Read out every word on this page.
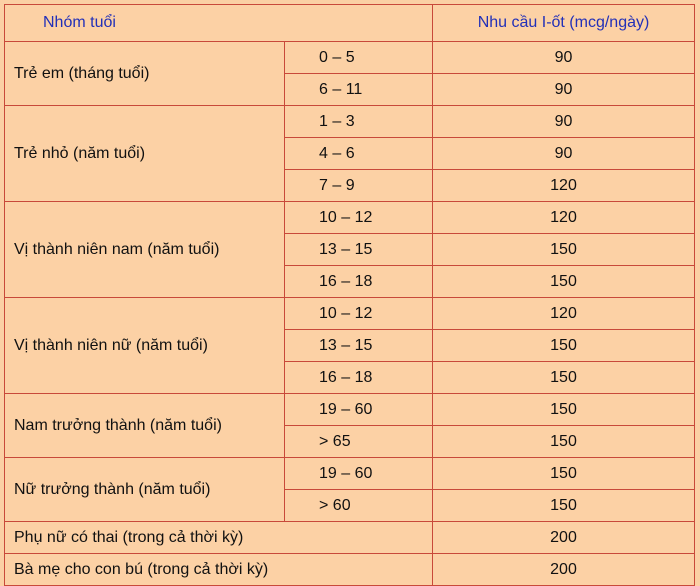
Nhóm tuổi		Nhu cầu I-ốt (mcg/ngày)
Trẻ em (tháng tuổi)	0 – 5	90
	6 – 11	90
Trẻ nhỏ (năm tuổi)	1 – 3	90
	4 – 6	90
	7 – 9	120
Vị thành niên nam (năm tuổi)	10 – 12	120
	13 – 15	150
	16 – 18	150
Vị thành niên nữ (năm tuổi)	10 – 12	120
	13 – 15	150
	16 – 18	150
Nam trưởng thành (năm tuổi)	19 – 60	150
	> 65	150
Nữ trưởng thành (năm tuổi)	19 – 60	150
	> 60	150
Phụ nữ có thai (trong cả thời kỳ)		200
Bà mẹ cho con bú (trong cả thời kỳ)		200
